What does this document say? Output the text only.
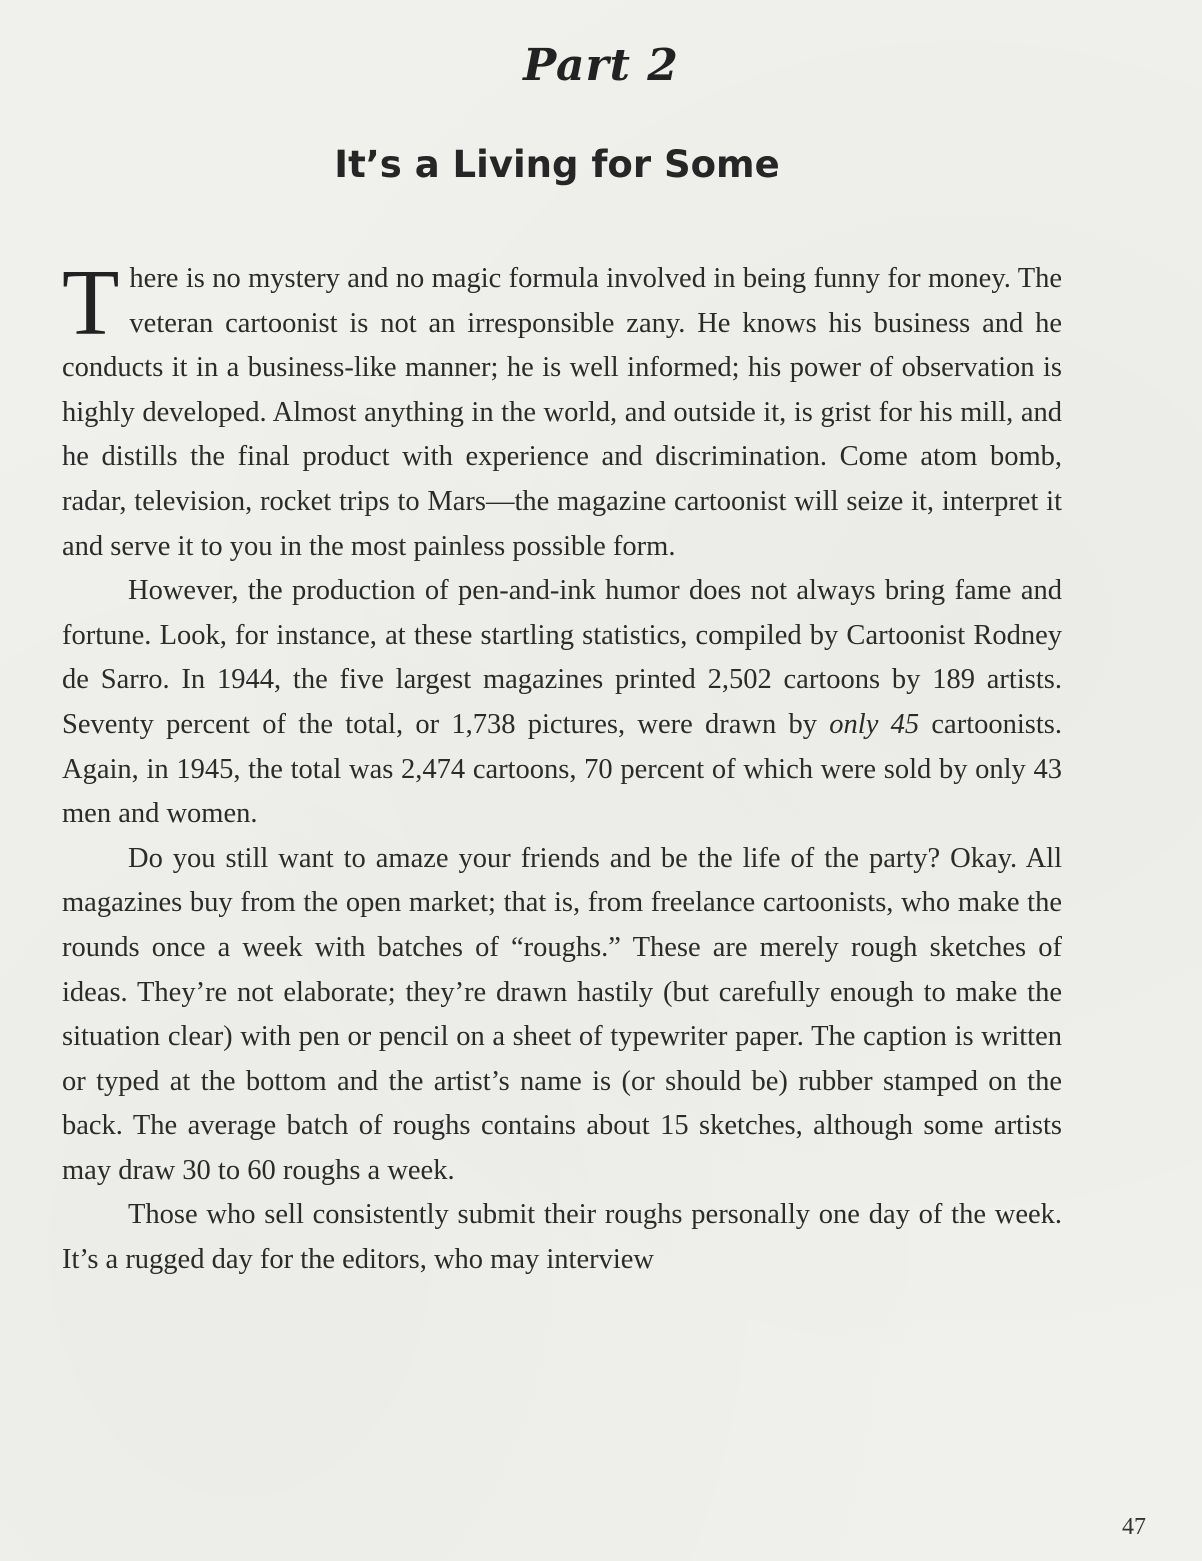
Part 2
It’s a Living for Some

There is no mystery and no magic formula involved in being funny for money. The veteran cartoonist is not an irresponsible zany. He knows his business and he conducts it in a business-like manner; he is well informed; his power of observation is highly developed. Almost anything in the world, and outside it, is grist for his mill, and he distills the final product with experience and discrimination. Come atom bomb, radar, television, rocket trips to Mars—the magazine cartoonist will seize it, interpret it and serve it to you in the most painless possible form.

However, the production of pen-and-ink humor does not always bring fame and fortune. Look, for instance, at these startling statistics, compiled by Cartoonist Rodney de Sarro. In 1944, the five largest magazines printed 2,502 cartoons by 189 artists. Seventy percent of the total, or 1,738 pictures, were drawn by only 45 cartoonists. Again, in 1945, the total was 2,474 cartoons, 70 percent of which were sold by only 43 men and women.

Do you still want to amaze your friends and be the life of the party? Okay. All magazines buy from the open market; that is, from freelance cartoonists, who make the rounds once a week with batches of “roughs.” These are merely rough sketches of ideas. They’re not elaborate; they’re drawn hastily (but carefully enough to make the situation clear) with pen or pencil on a sheet of typewriter paper. The caption is written or typed at the bottom and the artist’s name is (or should be) rubber stamped on the back. The average batch of roughs contains about 15 sketches, although some artists may draw 30 to 60 roughs a week.

Those who sell consistently submit their roughs personally one day of the week. It’s a rugged day for the editors, who may interview

47
